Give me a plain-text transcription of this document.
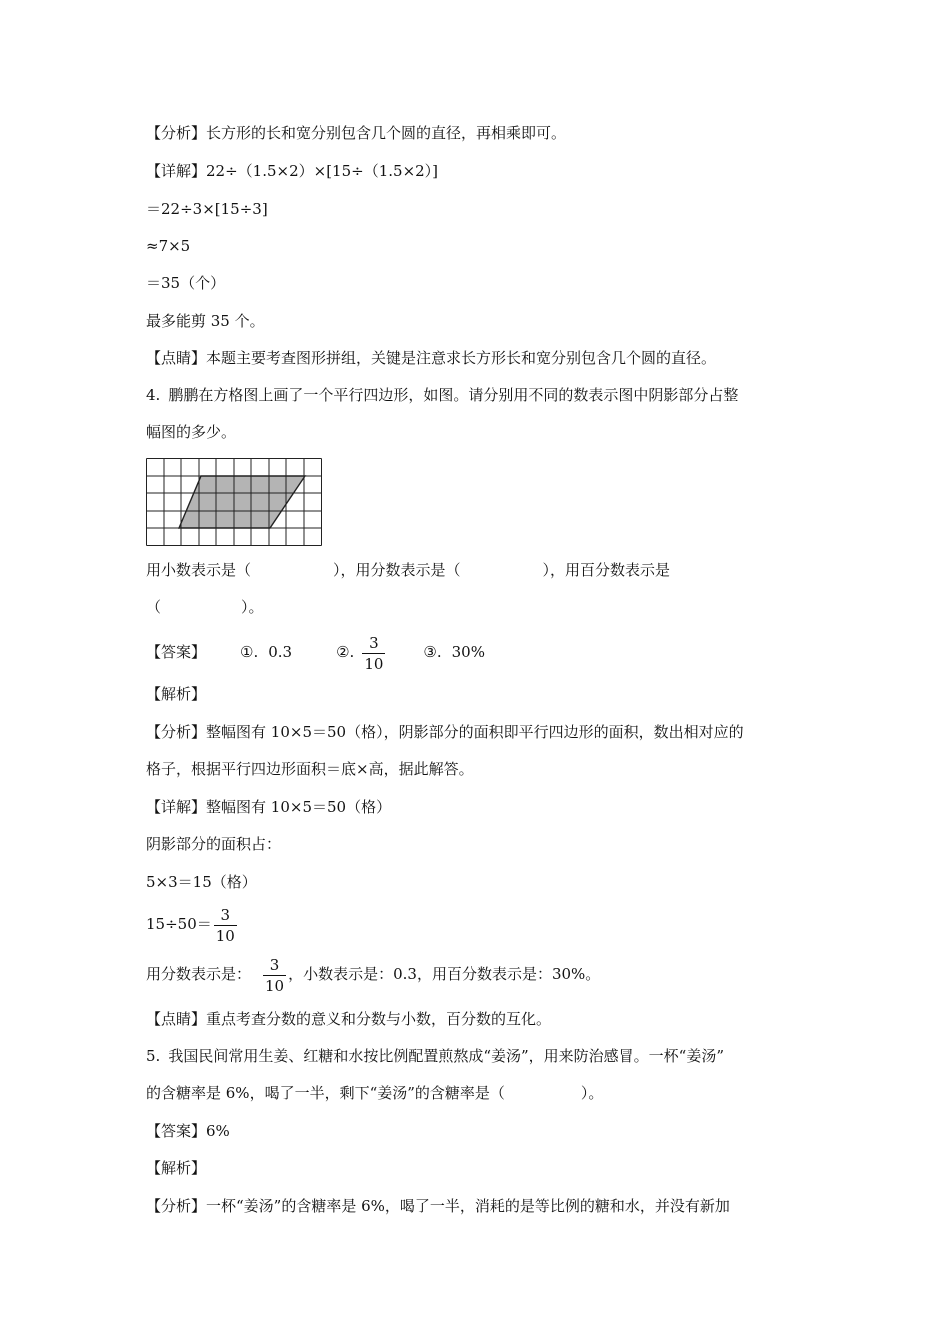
【分析】长方形的长和宽分别包含几个圆的直径，再相乘即可。
【详解】22÷（1.5×2）×[15÷（1.5×2）]
＝22÷3×[15÷3]
≈7×5
＝35（个）
最多能剪 35 个。
【点睛】本题主要考查图形拼组，关键是注意求长方形长和宽分别包含几个圆的直径。
4. 鹏鹏在方格图上画了一个平行四边形，如图。请分别用不同的数表示图中阴影部分占整
幅图的多少。
用小数表示是（	），用分数表示是（	），用百分数表示是
（	）。
【答案】 ①. 0.3	②. $\frac{3}{10}$	③. 30%
【解析】
【分析】整幅图有 10×5＝50（格），阴影部分的面积即平行四边形的面积，数出相对应的
格子，根据平行四边形面积＝底×高，据此解答。
【详解】整幅图有 10×5＝50（格）
阴影部分的面积占：
5×3＝15（格）
$15\div 50= \frac{3}{10}$
用分数表示是： $\frac{3}{10}$ ，小数表示是：0.3，用百分数表示是：30%。
【点睛】重点考查分数的意义和分数与小数，百分数的互化。
5. 我国民间常用生姜、红糖和水按比例配置煎熬成“姜汤”，用来防治感冒。一杯“姜汤”
的含糖率是 6%，喝了一半，剩下“姜汤”的含糖率是（	）。
【答案】6%
【解析】
【分析】一杯“姜汤”的含糖率是 6%，喝了一半，消耗的是等比例的糖和水，并没有新加
